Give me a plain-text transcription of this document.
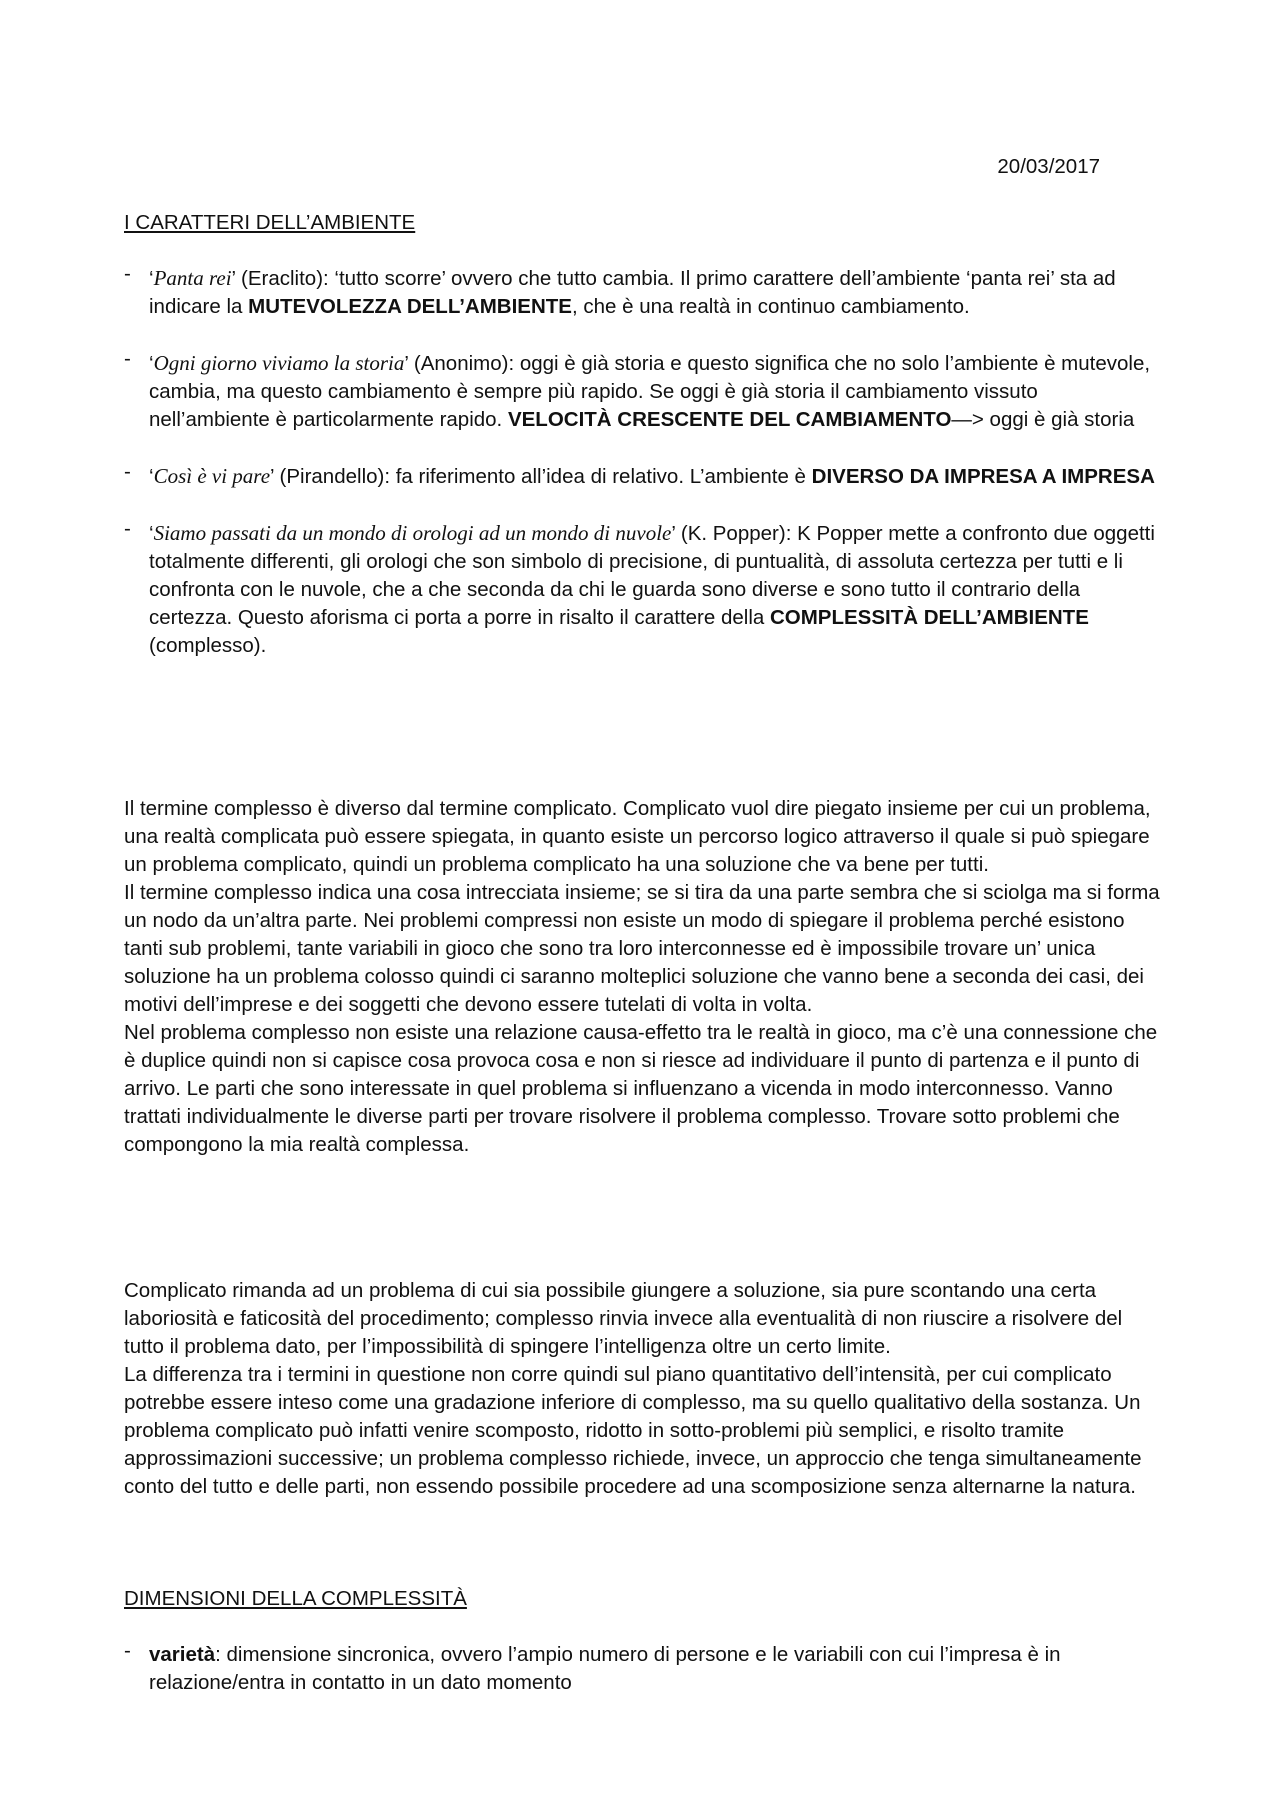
20/03/2017
I CARATTERI DELL’AMBIENTE
- ‘Panta rei’ (Eraclito): ‘tutto scorre’ ovvero che tutto cambia. Il primo carattere dell’ambiente ‘panta rei’ sta ad indicare la MUTEVOLEZZA DELL’AMBIENTE, che è una realtà in continuo cambiamento.
- ‘Ogni giorno viviamo la storia’ (Anonimo): oggi è già storia e questo significa che no solo l’ambiente è mutevole, cambia, ma questo cambiamento è sempre più rapido. Se oggi è già storia il cambiamento vissuto nell’ambiente è particolarmente rapido. VELOCITÀ CRESCENTE DEL CAMBIAMENTO—> oggi è già storia
- ‘Così è vi pare’ (Pirandello): fa riferimento all’idea di relativo. L’ambiente è DIVERSO DA IMPRESA A IMPRESA
- ‘Siamo passati da un mondo di orologi ad un mondo di nuvole’ (K. Popper): K Popper mette a confronto due oggetti totalmente differenti, gli orologi che son simbolo di precisione, di puntualità, di assoluta certezza per tutti e li confronta con le nuvole, che a che seconda da chi le guarda sono diverse e sono tutto il contrario della certezza. Questo aforisma ci porta a porre in risalto il carattere della COMPLESSITÀ DELL’AMBIENTE (complesso).

Il termine complesso è diverso dal termine complicato. Complicato vuol dire piegato insieme per cui un problema, una realtà complicata può essere spiegata, in quanto esiste un percorso logico attraverso il quale si può spiegare un problema complicato, quindi un problema complicato ha una soluzione che va bene per tutti.

Il termine complesso indica una cosa intrecciata insieme; se si tira da una parte sembra che si sciolga ma si forma un nodo da un’altra parte. Nei problemi compressi non esiste un modo di spiegare il problema perché esistono tanti sub problemi, tante variabili in gioco che sono tra loro interconnesse ed è impossibile trovare un’ unica soluzione ha un problema colosso quindi ci saranno molteplici soluzione che vanno bene a seconda dei casi, dei motivi dell’imprese e dei soggetti che devono essere tutelati di volta in volta.

Nel problema complesso non esiste una relazione causa-effetto tra le realtà in gioco, ma c’è una connessione che è duplice quindi non si capisce cosa provoca cosa e non si riesce ad individuare il punto di partenza e il punto di arrivo. Le parti che sono interessate in quel problema si influenzano a vicenda in modo interconnesso. Vanno trattati individualmente le diverse parti per trovare risolvere il problema complesso. Trovare sotto problemi che compongono la mia realtà complessa.

Complicato rimanda ad un problema di cui sia possibile giungere a soluzione, sia pure scontando una certa laboriosità e faticosità del procedimento; complesso rinvia invece alla eventualità di non riuscire a risolvere del tutto il problema dato, per l’impossibilità di spingere l’intelligenza oltre un certo limite.

La differenza tra i termini in questione non corre quindi sul piano quantitativo dell’intensità, per cui complicato potrebbe essere inteso come una gradazione inferiore di complesso, ma su quello qualitativo della sostanza. Un problema complicato può infatti venire scomposto, ridotto in sotto-problemi più semplici, e risolto tramite approssimazioni successive; un problema complesso richiede, invece, un approccio che tenga simultaneamente conto del tutto e delle parti, non essendo possibile procedere ad una scomposizione senza alternarne la natura.

DIMENSIONI DELLA COMPLESSITÀ
- varietà: dimensione sincronica, ovvero l’ampio numero di persone e le variabili con cui l’impresa è in relazione/entra in contatto in un dato momento
